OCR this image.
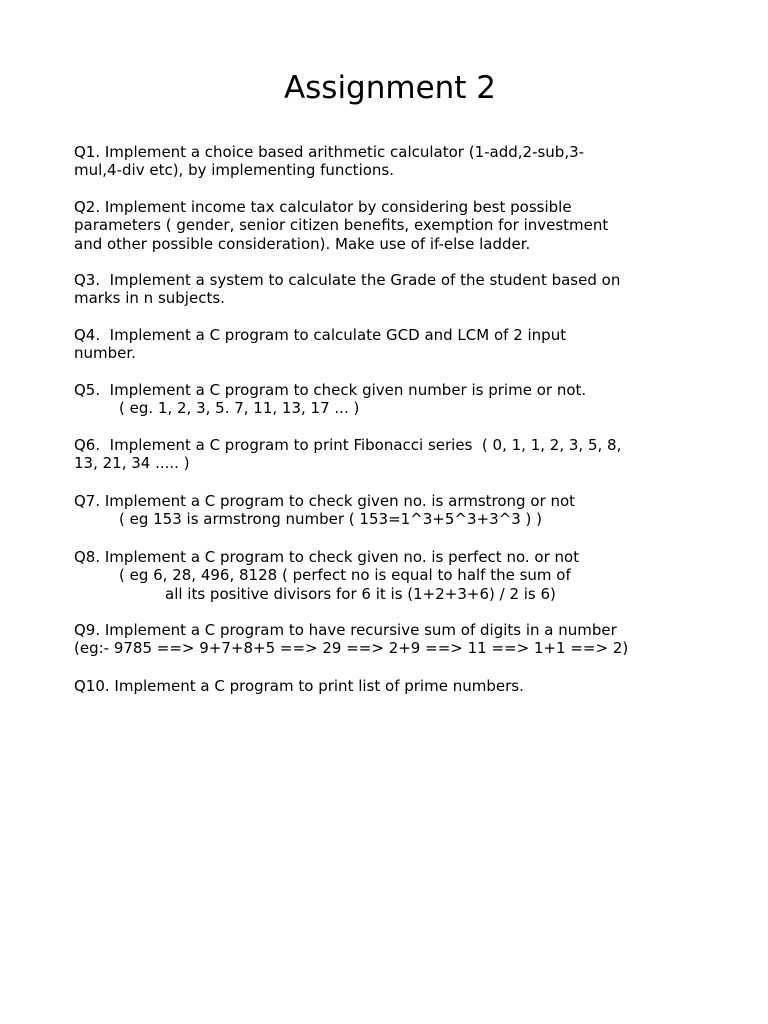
Assignment 2

Q1. Implement a choice based arithmetic calculator (1-add,2-sub,3-
mul,4-div etc), by implementing functions.

Q2. Implement income tax calculator by considering best possible
parameters ( gender, senior citizen benefits, exemption for investment
and other possible consideration). Make use of if-else ladder.

Q3.  Implement a system to calculate the Grade of the student based on
marks in n subjects.

Q4.  Implement a C program to calculate GCD and LCM of 2 input
number.

Q5.  Implement a C program to check given number is prime or not.
( eg. 1, 2, 3, 5. 7, 11, 13, 17 ... )

Q6.  Implement a C program to print Fibonacci series  ( 0, 1, 1, 2, 3, 5, 8,
13, 21, 34 ..... )

Q7. Implement a C program to check given no. is armstrong or not
( eg 153 is armstrong number ( 153=1^3+5^3+3^3 ) )

Q8. Implement a C program to check given no. is perfect no. or not
( eg 6, 28, 496, 8128 ( perfect no is equal to half the sum of
all its positive divisors for 6 it is (1+2+3+6) / 2 is 6)

Q9. Implement a C program to have recursive sum of digits in a number
(eg:- 9785 ==> 9+7+8+5 ==> 29 ==> 2+9 ==> 11 ==> 1+1 ==> 2)

Q10. Implement a C program to print list of prime numbers.
